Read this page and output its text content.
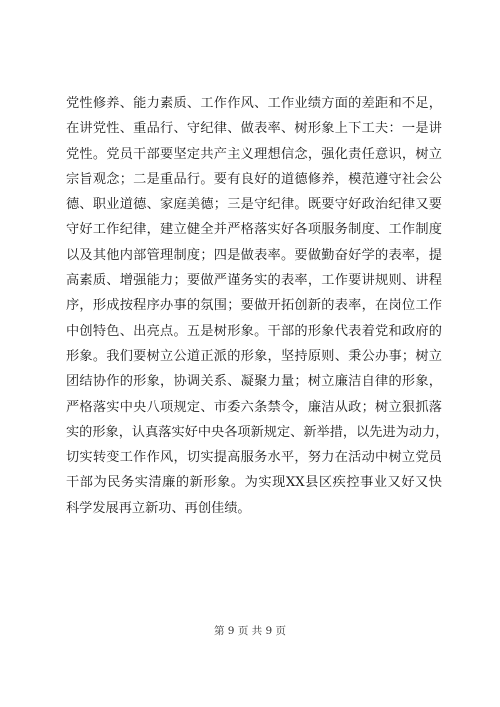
党性修养、能力素质、工作作风、工作业绩方面的差距和不足，
在讲党性、重品行、守纪律、做表率、树形象上下工夫：一是讲
党性。党员干部要坚定共产主义理想信念，强化责任意识，树立
宗旨观念；二是重品行。要有良好的道德修养，模范遵守社会公
德、职业道德、家庭美德；三是守纪律。既要守好政治纪律又要
守好工作纪律，建立健全并严格落实好各项服务制度、工作制度
以及其他内部管理制度；四是做表率。要做勤奋好学的表率，提
高素质、增强能力；要做严谨务实的表率，工作要讲规则、讲程
序，形成按程序办事的氛围；要做开拓创新的表率，在岗位工作
中创特色、出亮点。五是树形象。干部的形象代表着党和政府的
形象。我们要树立公道正派的形象，坚持原则、秉公办事；树立
团结协作的形象，协调关系、凝聚力量；树立廉洁自律的形象，
严格落实中央八项规定、市委六条禁令，廉洁从政；树立狠抓落
实的形象，认真落实好中央各项新规定、新举措，以先进为动力，
切实转变工作作风，切实提高服务水平，努力在活动中树立党员
干部为民务实清廉的新形象。为实现XX县区疾控事业又好又快
科学发展再立新功、再创佳绩。
第 9 页 共 9 页
